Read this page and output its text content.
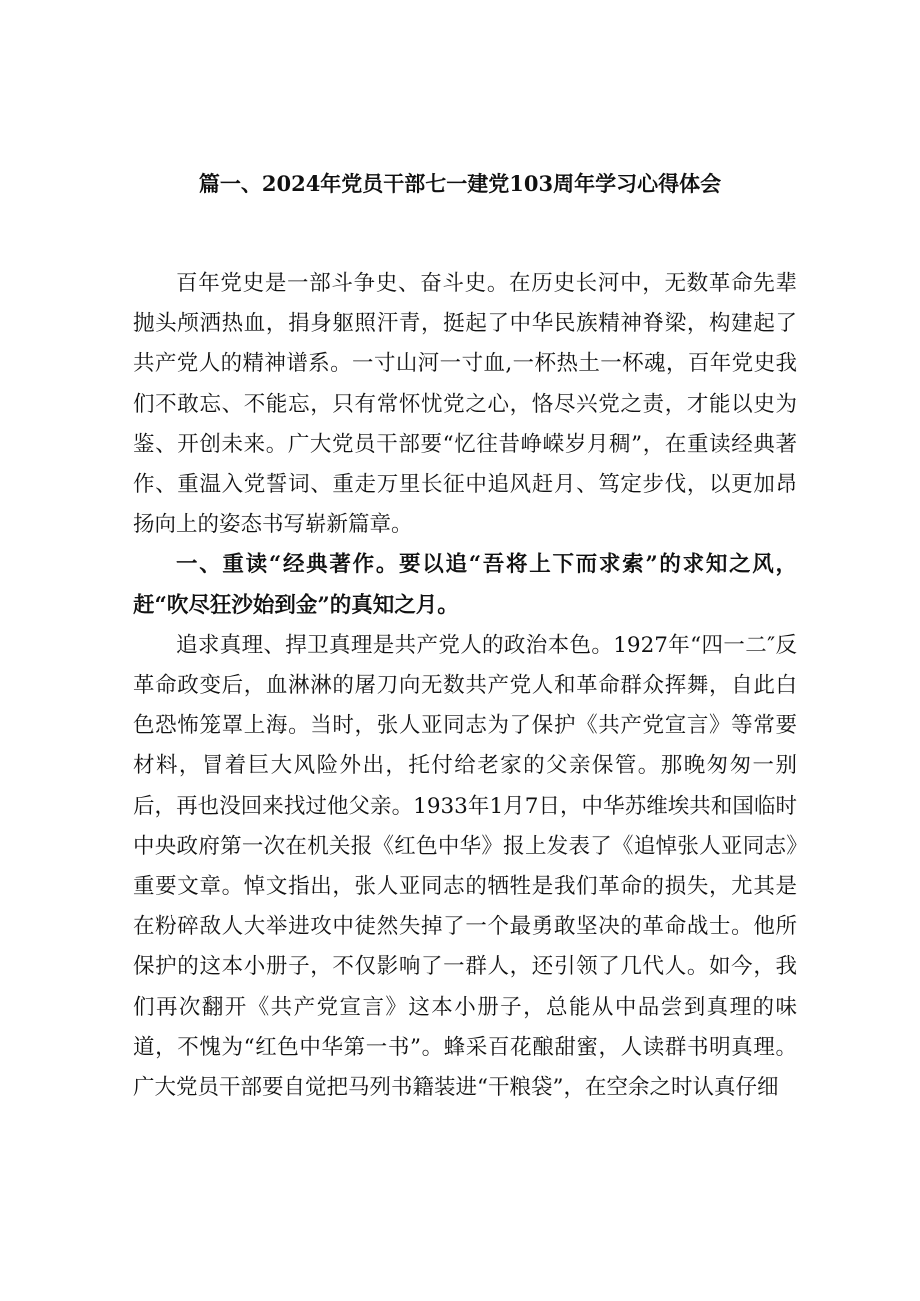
篇一、2024年党员干部七一建党103周年学习心得体会

百年党史是一部斗争史、奋斗史。在历史长河中，无数革命先辈抛头颅洒热血，捐身躯照汗青，挺起了中华民族精神脊梁，构建起了共产党人的精神谱系。一寸山河一寸血,一杯热土一杯魂，百年党史我们不敢忘、不能忘，只有常怀忧党之心，恪尽兴党之责，才能以史为鉴、开创未来。广大党员干部要“忆往昔峥嵘岁月稠”，在重读经典著作、重温入党誓词、重走万里长征中追风赶月、笃定步伐，以更加昂扬向上的姿态书写崭新篇章。

一、重读“经典著作。要以追“吾将上下而求索”的求知之风，赶“吹尽狂沙始到金”的真知之月。

追求真理、捍卫真理是共产党人的政治本色。1927年“四一二″反革命政变后，血淋淋的屠刀向无数共产党人和革命群众挥舞，自此白色恐怖笼罩上海。当时，张人亚同志为了保护《共产党宣言》等常要材料，冒着巨大风险外出，托付给老家的父亲保管。那晚匆匆一别后，再也没回来找过他父亲。1933年1月7日，中华苏维埃共和国临时中央政府第一次在机关报《红色中华》报上发表了《追悼张人亚同志》重要文章。悼文指出，张人亚同志的牺牲是我们革命的损失，尤其是在粉碎敌人大举进攻中徒然失掉了一个最勇敢坚决的革命战士。他所保护的这本小册子，不仅影响了一群人，还引领了几代人。如今，我们再次翻开《共产党宣言》这本小册子，总能从中品尝到真理的味道，不愧为“红色中华第一书”。蜂采百花酿甜蜜，人读群书明真理。广大党员干部要自觉把马列书籍装进“干粮袋”，在空余之时认真仔细
